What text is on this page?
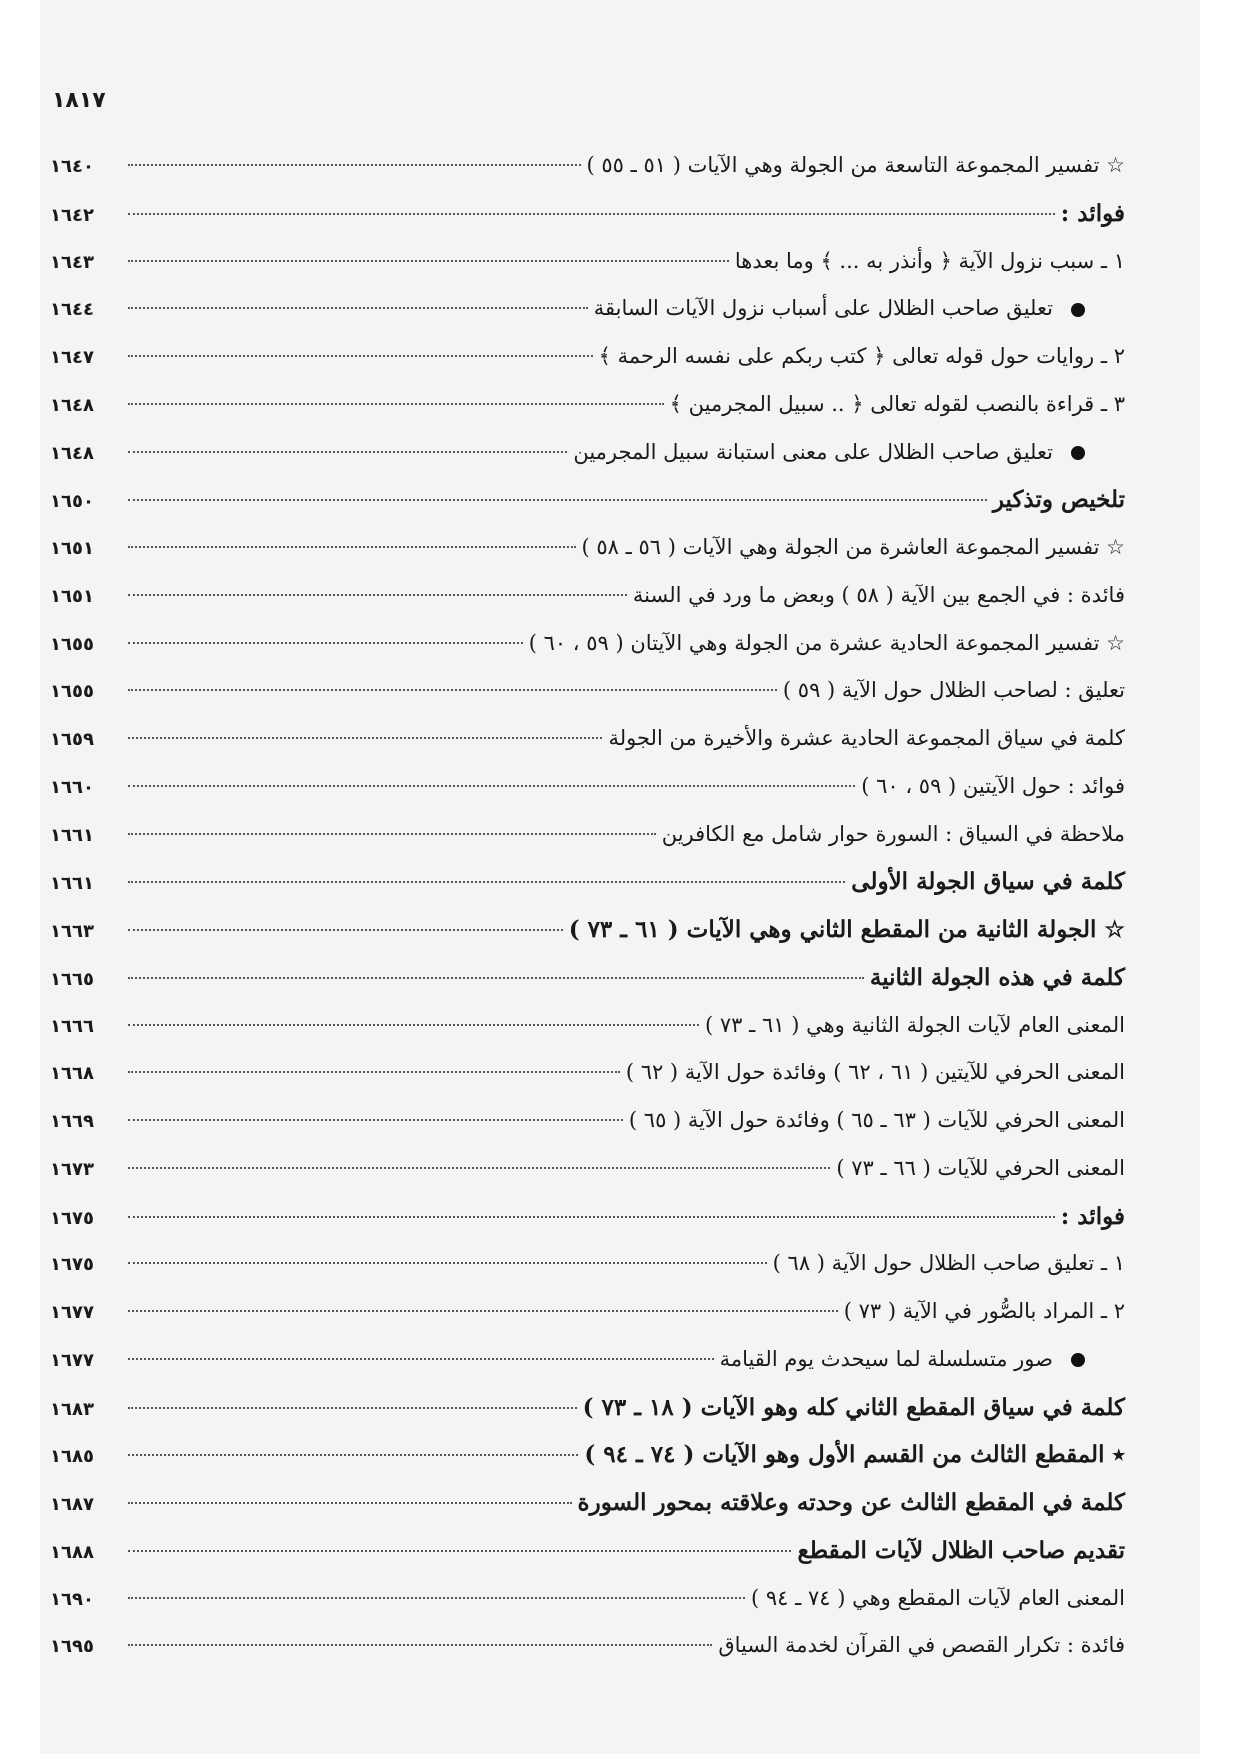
١٨١٧
☆ تفسير المجموعة التاسعة من الجولة وهي الآيات ( ٥١ ـ ٥٥ )
١٦٤٠
فوائد :
١٦٤٢
١ ـ سبب نزول الآية ﴿ وأنذر به ... ﴾ وما بعدها
١٦٤٣
تعليق صاحب الظلال على أسباب نزول الآيات السابقة
١٦٤٤
٢ ـ روايات حول قوله تعالى ﴿ كتب ربكم على نفسه الرحمة ﴾
١٦٤٧
٣ ـ قراءة بالنصب لقوله تعالى ﴿ .. سبيل المجرمين ﴾
١٦٤٨
تعليق صاحب الظلال على معنى استبانة سبيل المجرمين
١٦٤٨
تلخيص وتذكير
١٦٥٠
☆ تفسير المجموعة العاشرة من الجولة وهي الآيات ( ٥٦ ـ ٥٨ )
١٦٥١
فائدة : في الجمع بين الآية ( ٥٨ ) وبعض ما ورد في السنة
١٦٥١
☆ تفسير المجموعة الحادية عشرة من الجولة وهي الآيتان ( ٥٩ ، ٦٠ )
١٦٥٥
تعليق : لصاحب الظلال حول الآية ( ٥٩ )
١٦٥٥
كلمة في سياق المجموعة الحادية عشرة والأخيرة من الجولة
١٦٥٩
فوائد : حول الآيتين ( ٥٩ ، ٦٠ )
١٦٦٠
ملاحظة في السياق : السورة حوار شامل مع الكافرين
١٦٦١
كلمة في سياق الجولة الأولى
١٦٦١
☆ الجولة الثانية من المقطع الثاني وهي الآيات ( ٦١ ـ ٧٣ )
١٦٦٣
كلمة في هذه الجولة الثانية
١٦٦٥
المعنى العام لآيات الجولة الثانية وهي ( ٦١ ـ ٧٣ )
١٦٦٦
المعنى الحرفي للآيتين ( ٦١ ، ٦٢ ) وفائدة حول الآية ( ٦٢ )
١٦٦٨
المعنى الحرفي للآيات ( ٦٣ ـ ٦٥ ) وفائدة حول الآية ( ٦٥ )
١٦٦٩
المعنى الحرفي للآيات ( ٦٦ ـ ٧٣ )
١٦٧٣
فوائد :
١٦٧٥
١ ـ تعليق صاحب الظلال حول الآية ( ٦٨ )
١٦٧٥
٢ ـ المراد بالصُّور في الآية ( ٧٣ )
١٦٧٧
صور متسلسلة لما سيحدث يوم القيامة
١٦٧٧
كلمة في سياق المقطع الثاني كله وهو الآيات ( ١٨ ـ ٧٣ )
١٦٨٣
٭ المقطع الثالث من القسم الأول وهو الآيات ( ٧٤ ـ ٩٤ )
١٦٨٥
كلمة في المقطع الثالث عن وحدته وعلاقته بمحور السورة
١٦٨٧
تقديم صاحب الظلال لآيات المقطع
١٦٨٨
المعنى العام لآيات المقطع وهي ( ٧٤ ـ ٩٤ )
١٦٩٠
فائدة : تكرار القصص في القرآن لخدمة السياق
١٦٩٥
